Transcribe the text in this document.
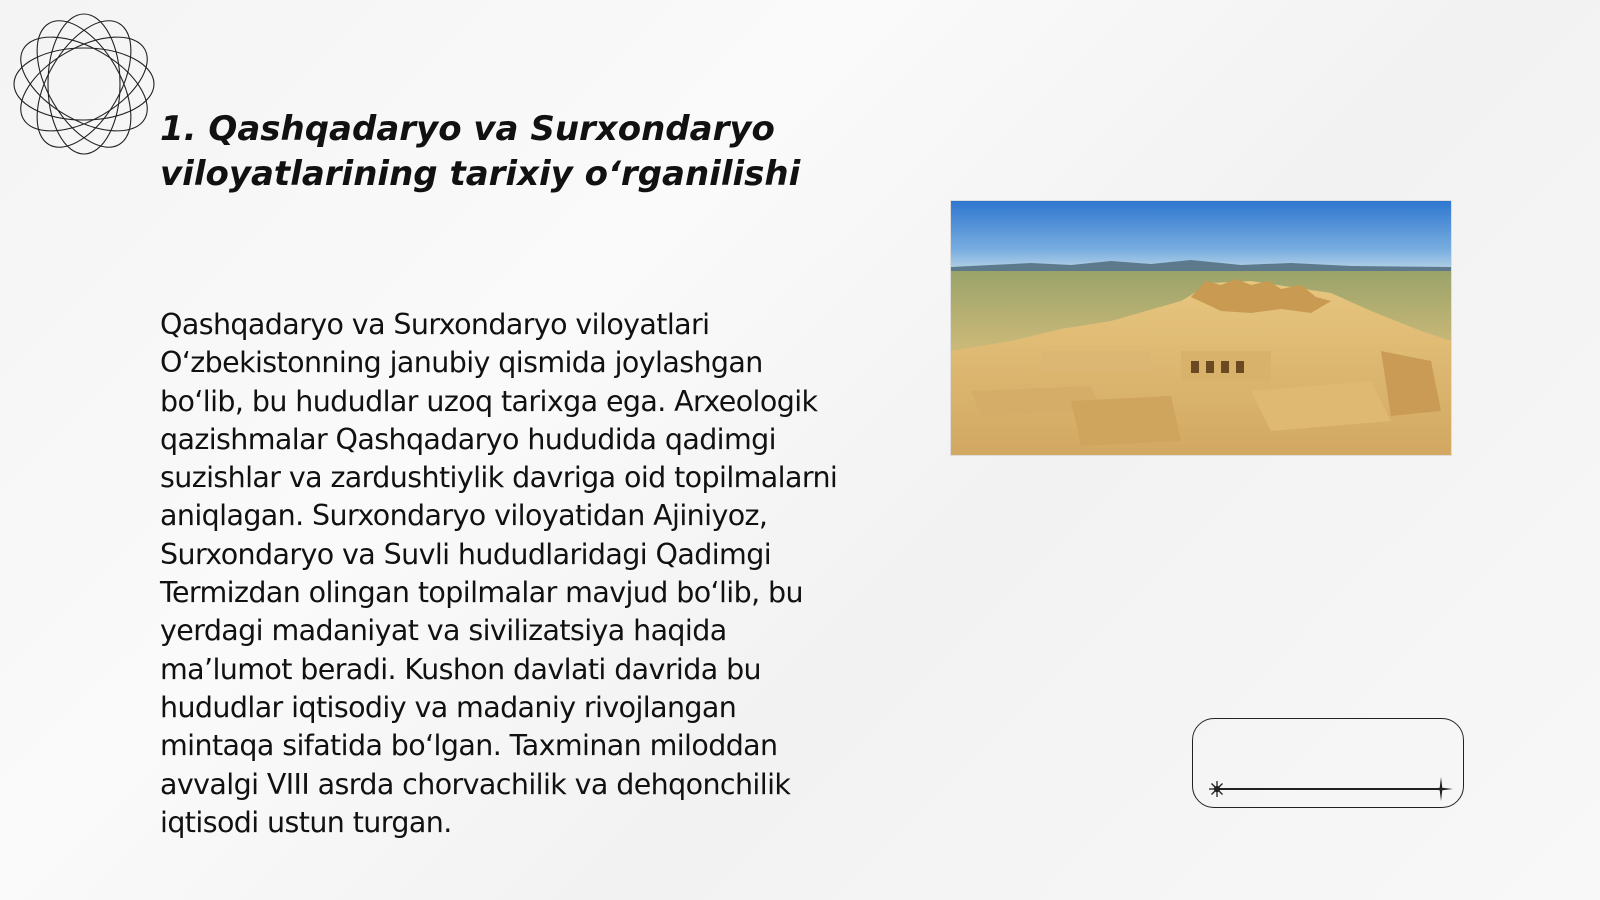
1. Qashqadaryo va Surxondaryo viloyatlarining tarixiy o‘rganilishi

Qashqadaryo va Surxondaryo viloyatlari O‘zbekistonning janubiy qismida joylashgan bo‘lib, bu hududlar uzoq tarixga ega. Arxeologik qazishmalar Qashqadaryo hududida qadimgi suzishlar va zardushtiylik davriga oid topilmalarni aniqlagan. Surxondaryo viloyatidan Ajiniyoz, Surxondaryo va Suvli hududlaridagi Qadimgi Termizdan olingan topilmalar mavjud bo‘lib, bu yerdagi madaniyat va sivilizatsiya haqida ma’lumot beradi. Kushon davlati davrida bu hududlar iqtisodiy va madaniy rivojlangan mintaqa sifatida bo‘lgan. Taxminan miloddan avvalgi VIII asrda chorvachilik va dehqonchilik iqtisodi ustun turgan.
